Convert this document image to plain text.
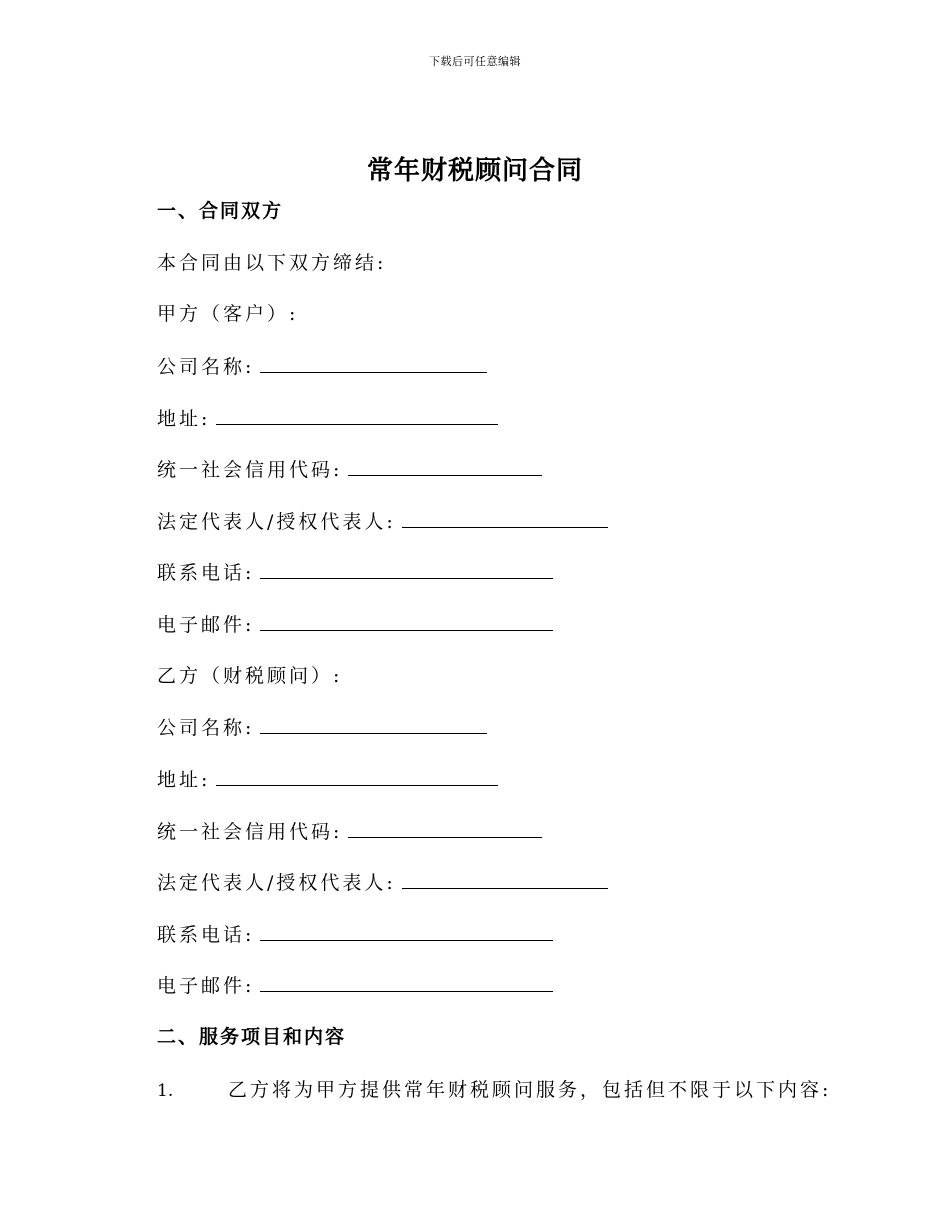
下载后可任意编辑
常年财税顾问合同
一、合同双方
本合同由以下双方缔结:
甲方（客户）:
公司名称:
地址:
统一社会信用代码:
法定代表人/授权代表人:
联系电话:
电子邮件:
乙方（财税顾问）:
公司名称:
地址:
统一社会信用代码:
法定代表人/授权代表人:
联系电话:
电子邮件:
二、服务项目和内容
1.	乙方将为甲方提供常年财税顾问服务，包括但不限于以下内容:
